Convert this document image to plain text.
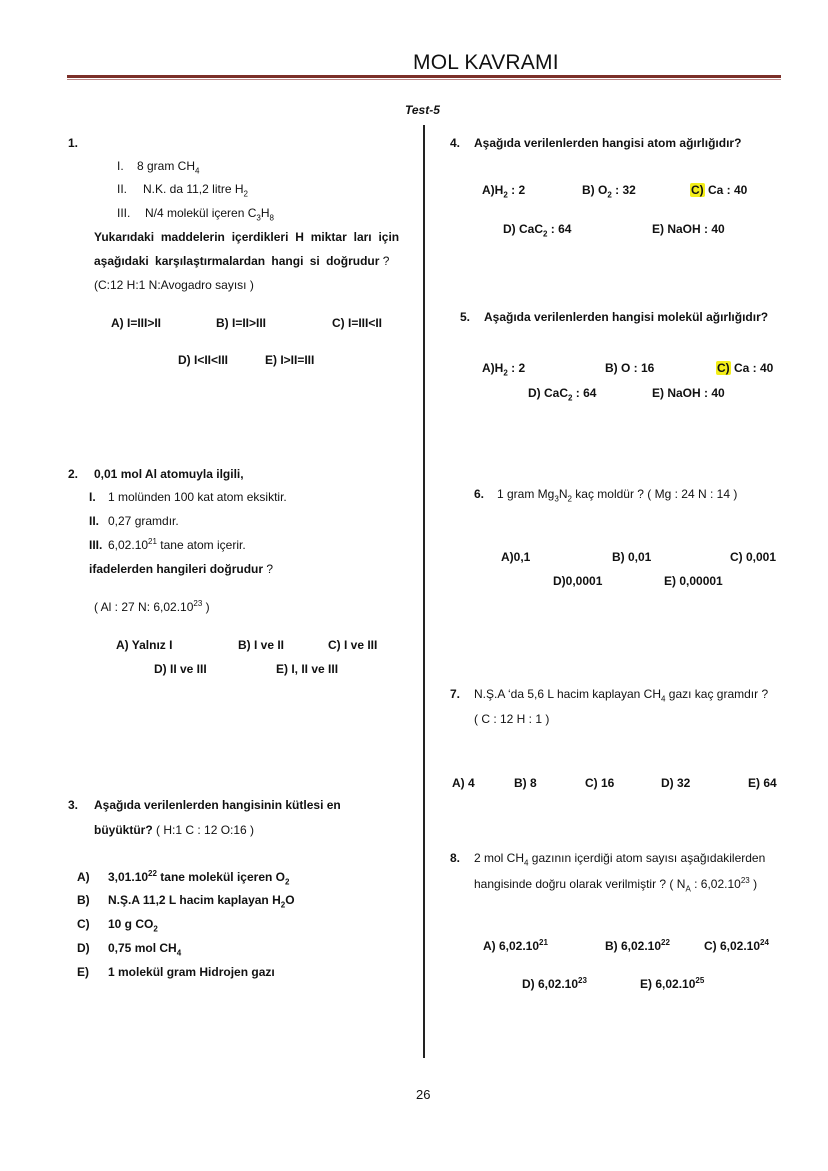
MOL KAVRAMI
Test-5
1.
I. 8 gram $CH_4$
II. N.K. da 11,2 litre $H_2$
III. N/4 molekül içeren $C_3H_8$
Yukarıdaki maddelerin içerdikleri H miktar ları için
aşağıdaki karşılaştırmalardan hangi si doğrudur ?
(C:12 H:1 N:Avogadro sayısı )
A) I=III>II	B) I=II>III	C) I=III<II
D) I<II<III	E) I>II=III
2. 0,01 mol Al atomuyla ilgili,
I. 1 molünden 100 kat atom eksiktir.
II. 0,27 gramdır.
III. 6,02.10$^{21}$ tane atom içerir.
ifadelerden hangileri doğrudur ?
( Al : 27 N: 6,02.10$^{23}$ )
A) Yalnız I	B) I ve II	C) I ve III
D) II ve III	E) I, II ve III
3. Aşağıda verilenlerden hangisinin kütlesi en
büyüktür? ( H:1 C : 12 O:16 )
A) 3,01.10$^{22}$ tane molekül içeren $O_2$
B) N.Ş.A 11,2 L hacim kaplayan $H_2O$
C) 10 g $CO_2$
D) 0,75 mol $CH_4$
E) 1 molekül gram Hidrojen gazı
4. Aşağıda verilenlerden hangisi atom ağırlığıdır?
$A)H_2$ : 2	B) $O_2$ : 32	C) Ca : 40
D) CaC$_2$ : 64	E) NaOH : 40
5. Aşağıda verilenlerden hangisi molekül ağırlığıdır?
$A)H_2$ : 2	B) O : 16	C) Ca : 40
D) CaC$_2$ : 64	E) NaOH : 40
6. 1 gram $Mg_3N_2$ kaç moldür ? ( Mg : 24 N : 14 )
A)0,1	B) 0,01	C) 0,001
D)0,0001	E) 0,00001
7. N.Ş.A ‘da 5,6 L hacim kaplayan $CH_4$ gazı kaç gramdır ?
( C : 12 H : 1 )
A) 4	B) 8	C) 16	D) 32	E) 64
8. 2 mol $CH_4$ gazının içerdiği atom sayısı aşağıdakilerden
hangisinde doğru olarak verilmiştir ? ( $N_A$ : 6,02.10$^{23}$ )
A) 6,02.10$^{21}$	B) 6,02.10$^{22}$	C) 6,02.10$^{24}$
D) 6,02.10$^{23}$	E) 6,02.10$^{25}$
26
